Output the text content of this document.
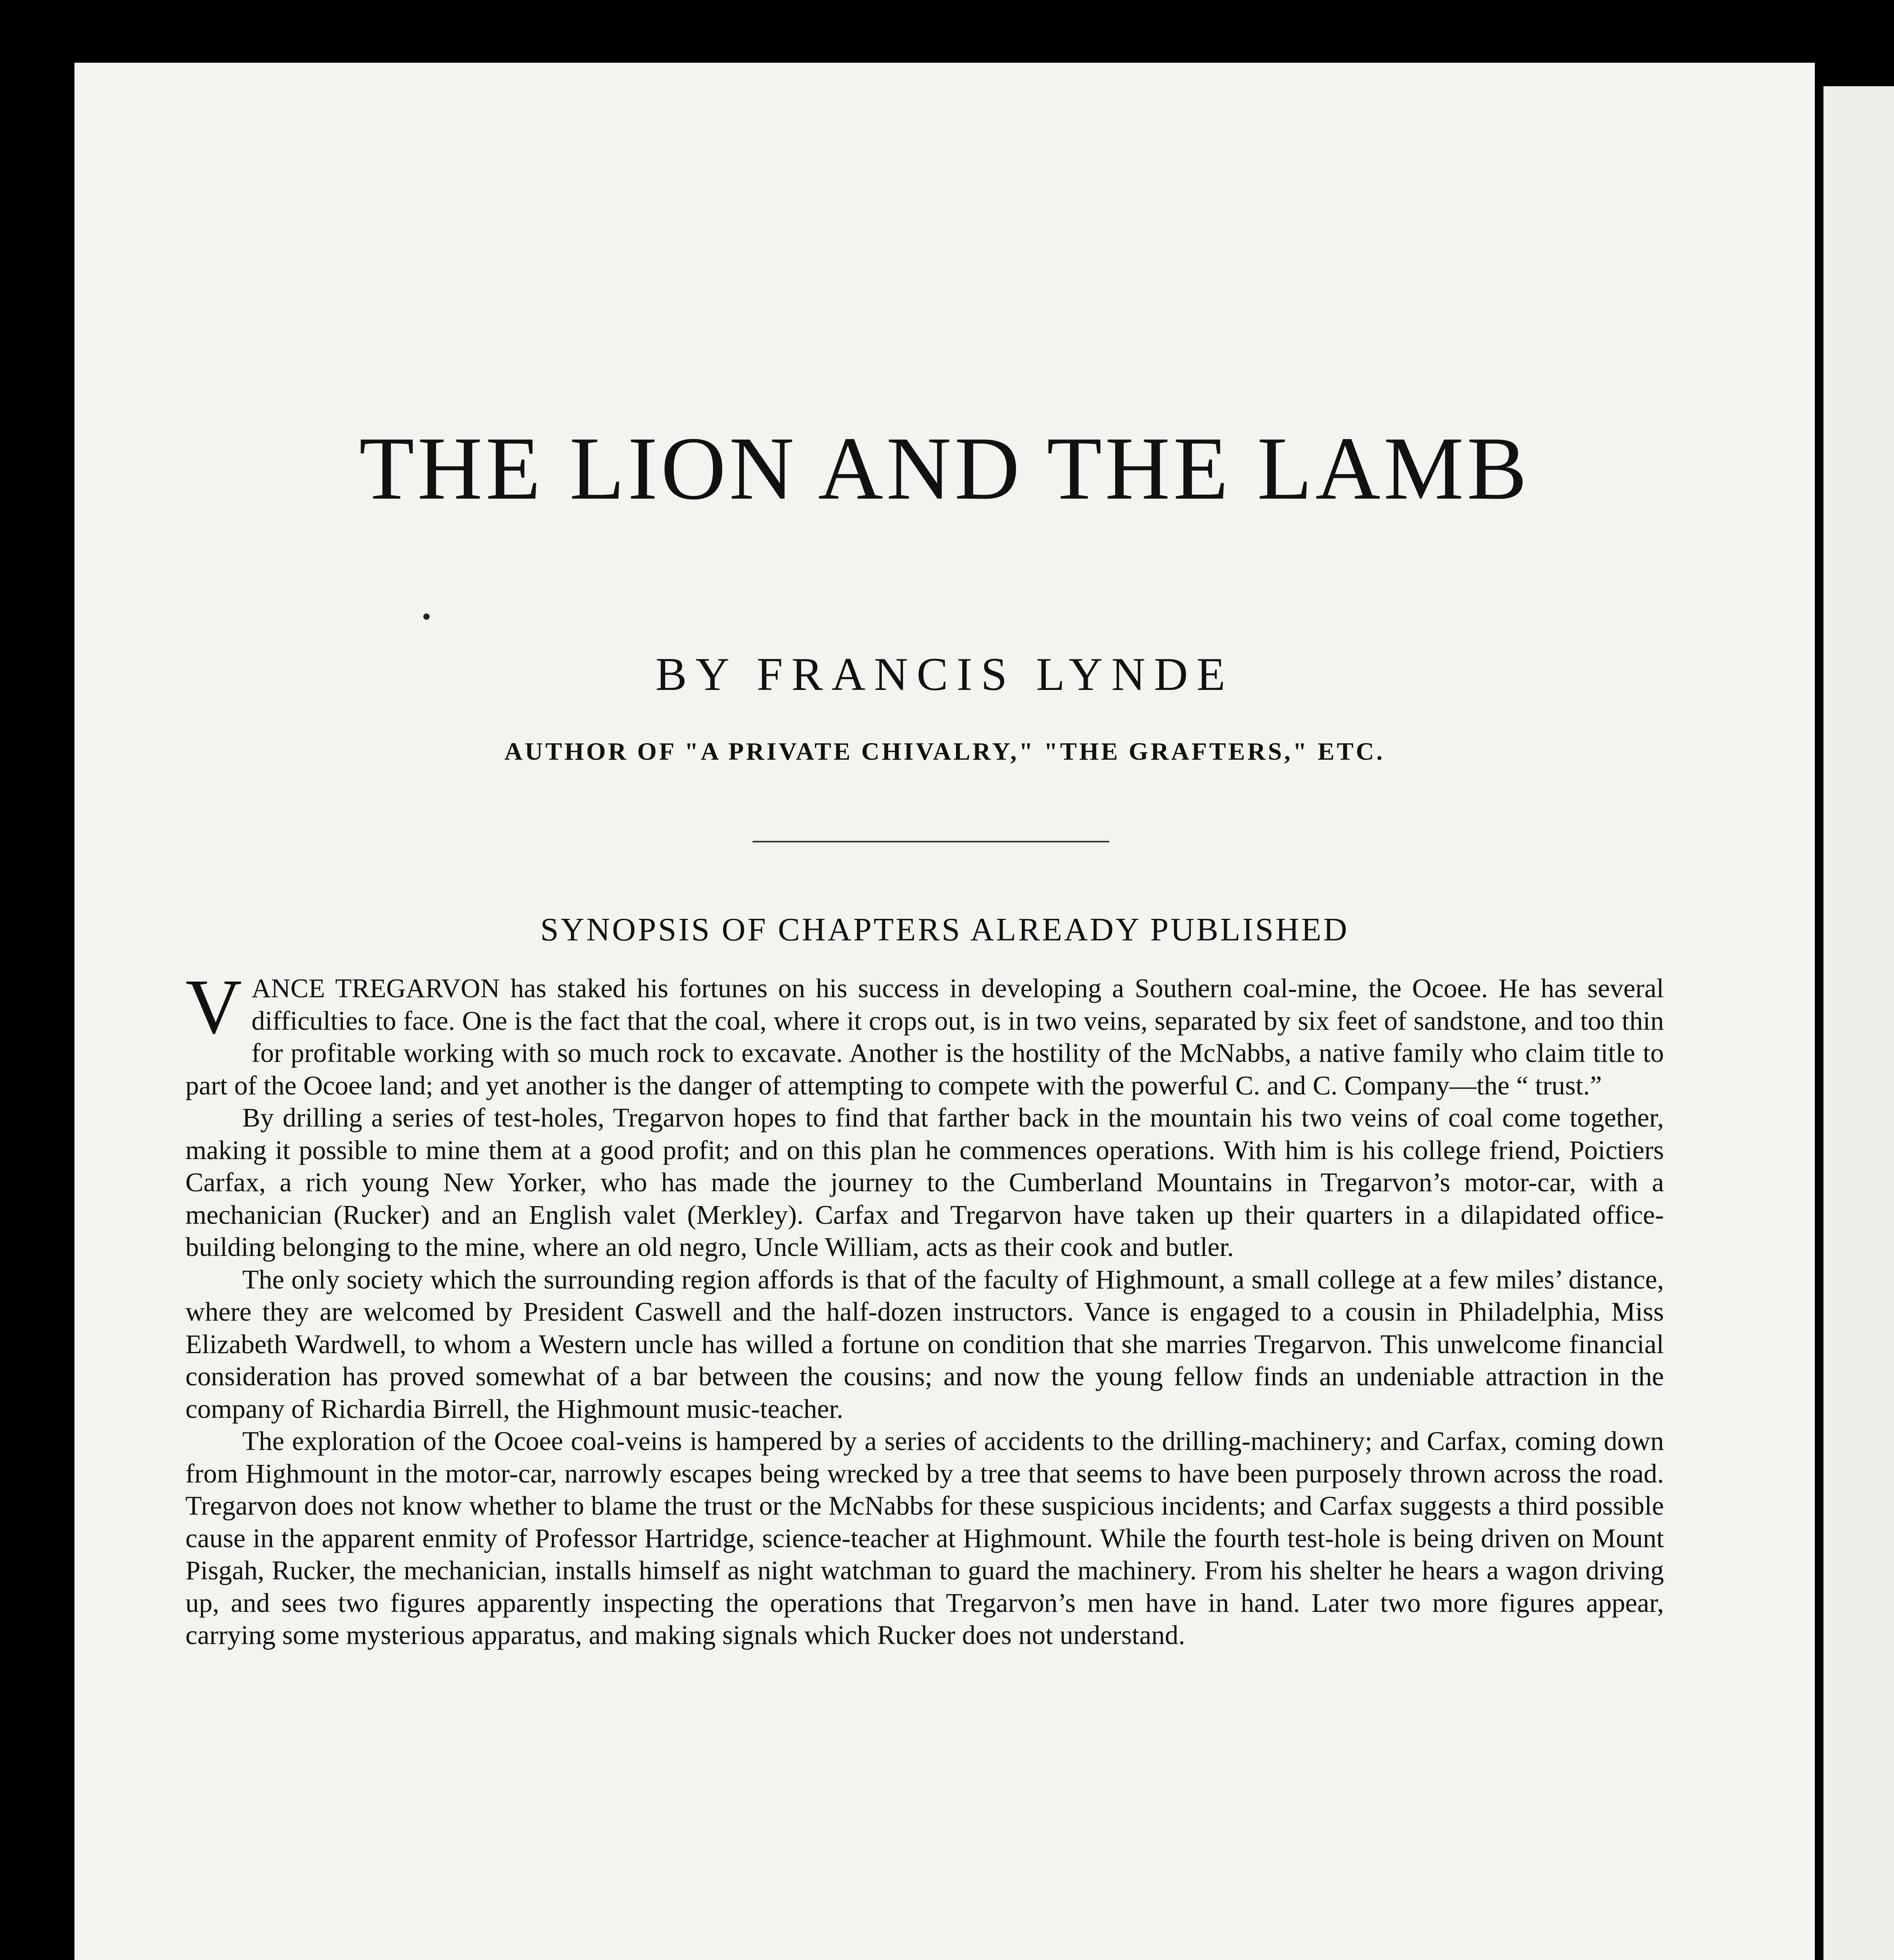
THE LION AND THE LAMB
BY FRANCIS LYNDE
AUTHOR OF "A PRIVATE CHIVALRY," "THE GRAFTERS," ETC.
SYNOPSIS OF CHAPTERS ALREADY PUBLISHED

VANCE TREGARVON has staked his fortunes on his success in developing a Southern coal-mine, the Ocoee. He has several difficulties to face. One is the fact that the coal, where it crops out, is in two veins, separated by six feet of sandstone, and too thin for profitable working with so much rock to excavate. Another is the hostility of the McNabbs, a native family who claim title to part of the Ocoee land; and yet another is the danger of attempting to compete with the powerful C. and C. Company—the “ trust.”

By drilling a series of test-holes, Tregarvon hopes to find that farther back in the mountain his two veins of coal come together, making it possible to mine them at a good profit; and on this plan he commences operations. With him is his college friend, Poictiers Carfax, a rich young New Yorker, who has made the journey to the Cumberland Mountains in Tregarvon’s motor-car, with a mechanician (Rucker) and an English valet (Merkley). Carfax and Tregarvon have taken up their quarters in a dilapidated office-building belonging to the mine, where an old negro, Uncle William, acts as their cook and butler.

The only society which the surrounding region affords is that of the faculty of Highmount, a small college at a few miles’ distance, where they are welcomed by President Caswell and the half-dozen instructors. Vance is engaged to a cousin in Philadelphia, Miss Elizabeth Wardwell, to whom a Western uncle has willed a fortune on condition that she marries Tregarvon. This unwelcome financial consideration has proved somewhat of a bar between the cousins; and now the young fellow finds an undeniable attraction in the company of Richardia Birrell, the Highmount music-teacher.

The exploration of the Ocoee coal-veins is hampered by a series of accidents to the drilling-machinery; and Carfax, coming down from Highmount in the motor-car, narrowly escapes being wrecked by a tree that seems to have been purposely thrown across the road. Tregarvon does not know whether to blame the trust or the McNabbs for these suspicious incidents; and Carfax suggests a third possible cause in the apparent enmity of Professor Hartridge, science-teacher at Highmount. While the fourth test-hole is being driven on Mount Pisgah, Rucker, the mechanician, installs himself as night watchman to guard the machinery. From his shelter he hears a wagon driving up, and sees two figures apparently inspecting the operations that Tregarvon’s men have in hand. Later two more figures appear, carrying some mysterious apparatus, and making signals which Rucker does not understand.
